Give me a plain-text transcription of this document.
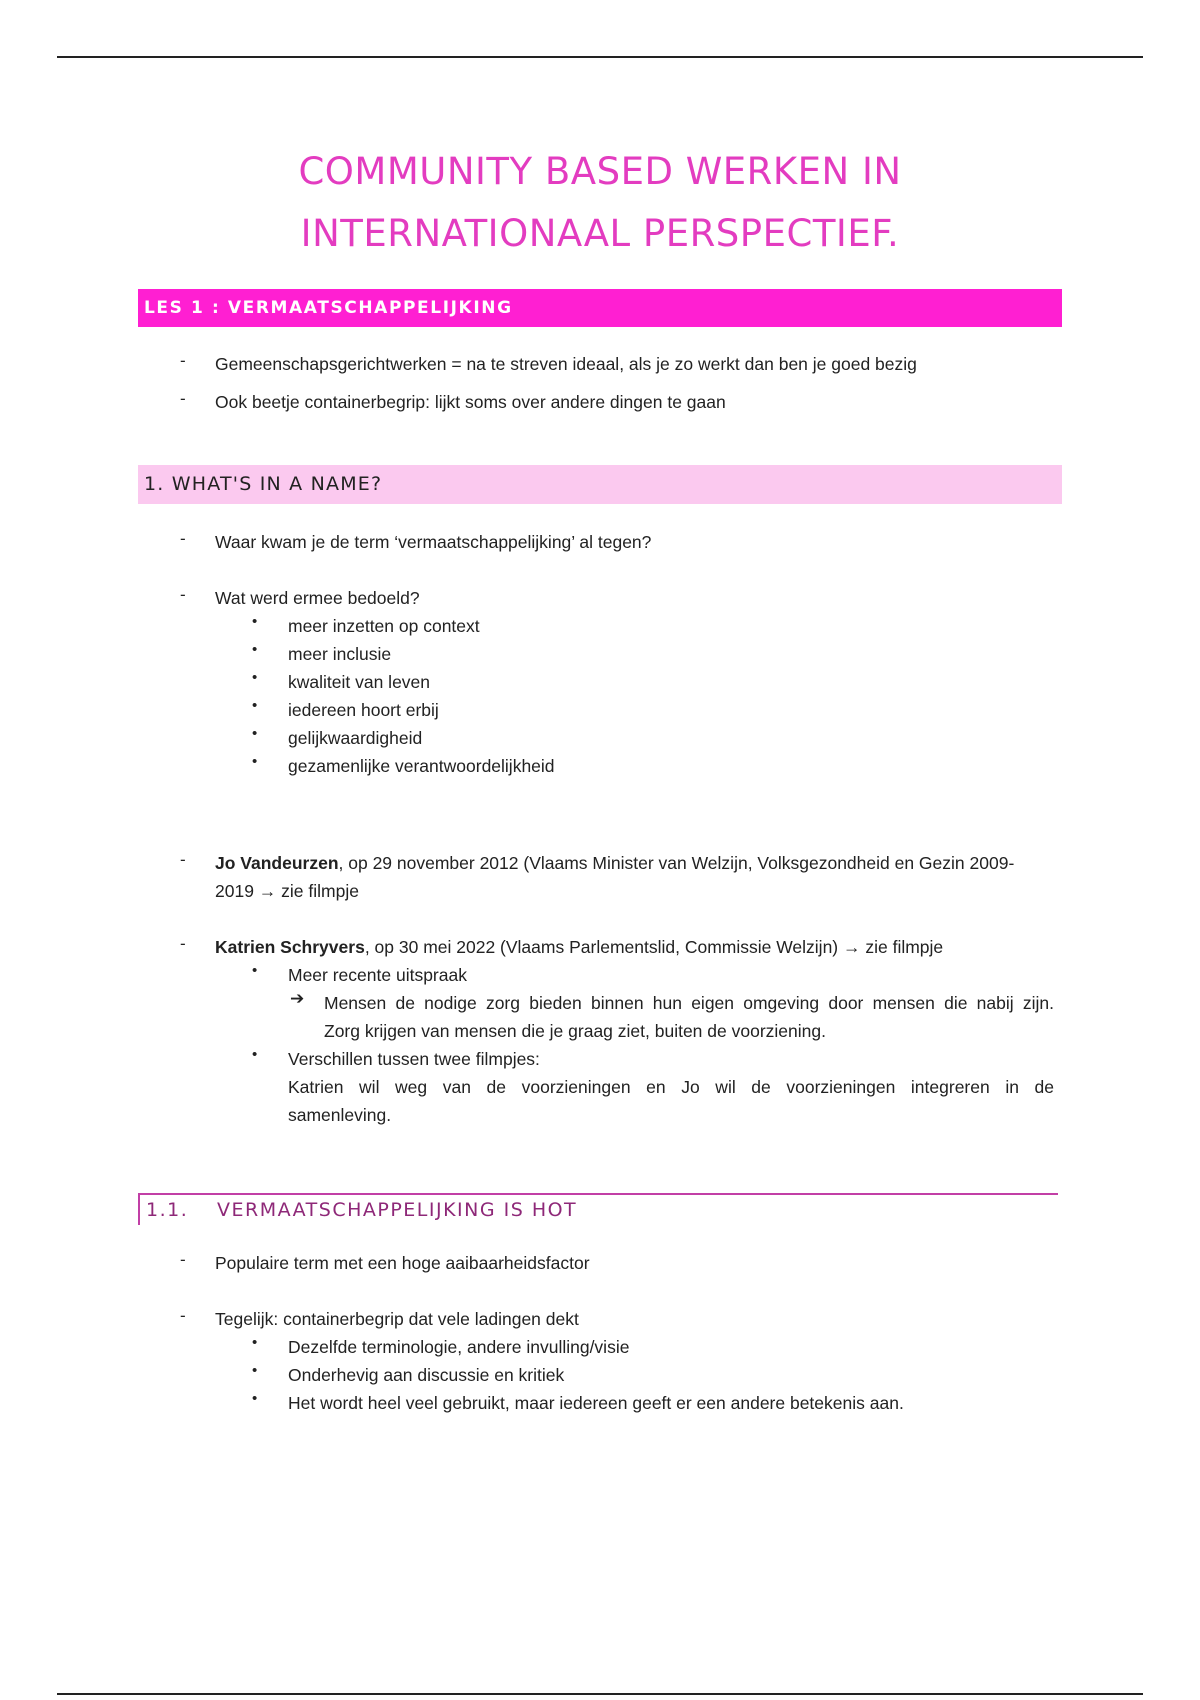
COMMUNITY BASED WERKEN IN
INTERNATIONAAL PERSPECTIEF.
LES 1 : VERMAATSCHAPPELIJKING
- Gemeenschapsgerichtwerken = na te streven ideaal, als je zo werkt dan ben je goed bezig
- Ook beetje containerbegrip: lijkt soms over andere dingen te gaan
1. WHAT'S IN A NAME?
- Waar kwam je de term ‘vermaatschappelijking’ al tegen?
- Wat werd ermee bedoeld?
• meer inzetten op context
• meer inclusie
• kwaliteit van leven
• iedereen hoort erbij
• gelijkwaardigheid
• gezamenlijke verantwoordelijkheid
- Jo Vandeurzen, op 29 november 2012 (Vlaams Minister van Welzijn, Volksgezondheid en Gezin 2009-
2019 → zie filmpje
- Katrien Schryvers, op 30 mei 2022 (Vlaams Parlementslid, Commissie Welzijn) → zie filmpje
• Meer recente uitspraak
➔ Mensen de nodige zorg bieden binnen hun eigen omgeving door mensen die nabij zijn.
Zorg krijgen van mensen die je graag ziet, buiten de voorziening.
• Verschillen tussen twee filmpjes:
Katrien wil weg van de voorzieningen en Jo wil de voorzieningen integreren in de
samenleving.
1.1. VERMAATSCHAPPELIJKING IS HOT
- Populaire term met een hoge aaibaarheidsfactor
- Tegelijk: containerbegrip dat vele ladingen dekt
• Dezelfde terminologie, andere invulling/visie
• Onderhevig aan discussie en kritiek
• Het wordt heel veel gebruikt, maar iedereen geeft er een andere betekenis aan.
